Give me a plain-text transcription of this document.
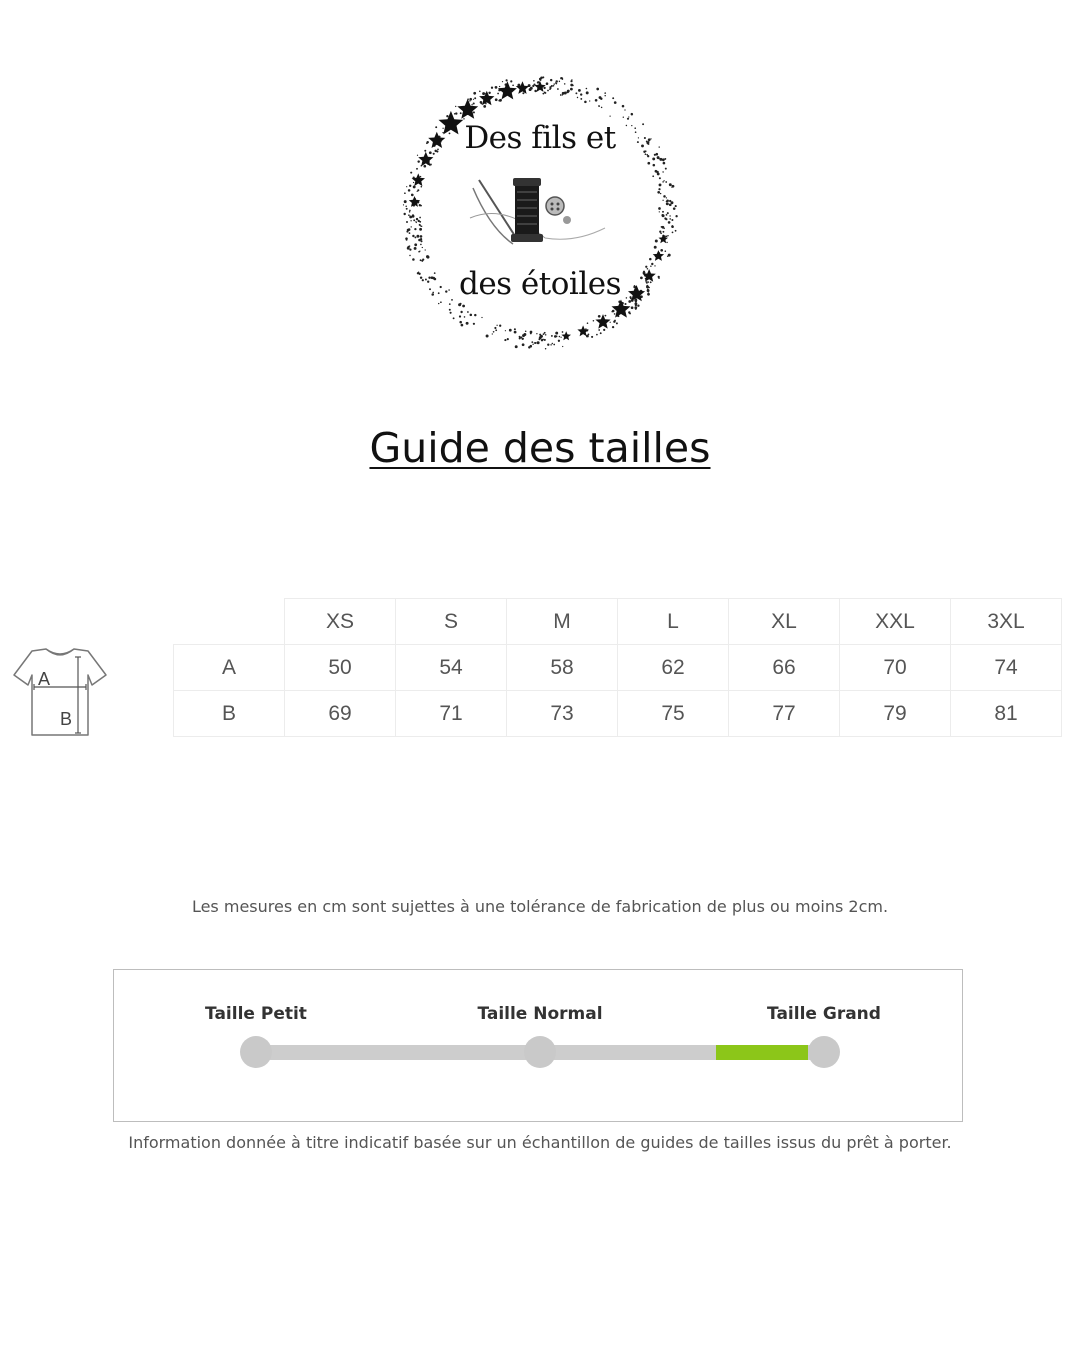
Des fils et
des étoiles
Guide des tailles
A
B
	XS	S	M	L	XL	XXL	3XL
A	50	54	58	62	66	70	74
B	69	71	73	75	77	79	81
Les mesures en cm sont sujettes à une tolérance de fabrication de plus ou moins 2cm.
Taille Petit	Taille Normal	Taille Grand
Information donnée à titre indicatif basée sur un échantillon de guides de tailles issus du prêt à porter.
